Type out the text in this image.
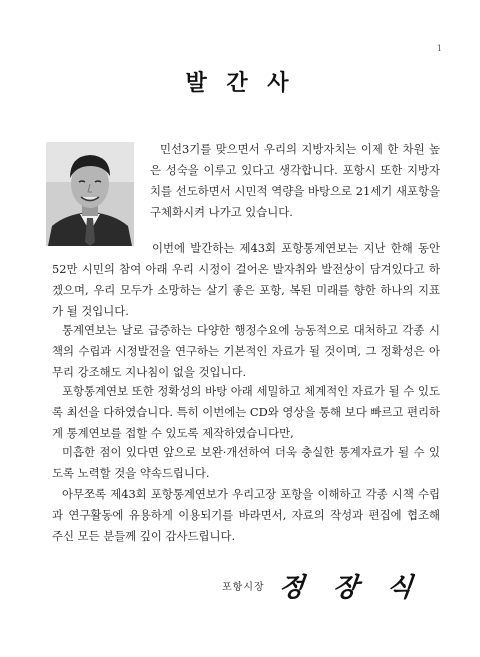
1
발 간 사

민선3기를 맞으면서 우리의 지방자치는 이제 한 차원 높은 성숙을 이루고 있다고 생각합니다. 포항시 또한 지방자치를 선도하면서 시민적 역량을 바탕으로 21세기 새포항을 구체화시켜 나가고 있습니다.

이번에 발간하는 제43회 포항통계연보는 지난 한해 동안 52만 시민의 참여 아래 우리 시정이 걸어온 발자취와 발전상이 담겨있다고 하겠으며, 우리 모두가 소망하는 살기 좋은 포항, 복된 미래를 향한 하나의 지표가 될 것입니다.

통계연보는 날로 급증하는 다양한 행정수요에 능동적으로 대처하고 각종 시책의 수립과 시정발전을 연구하는 기본적인 자료가 될 것이며, 그 정확성은 아무리 강조해도 지나침이 없을 것입니다.

포항통계연보 또한 정확성의 바탕 아래 세밀하고 체계적인 자료가 될 수 있도록 최선을 다하였습니다. 특히 이번에는 CD와 영상을 통해 보다 빠르고 편리하게 통계연보를 접할 수 있도록 제작하였습니다만,

미흡한 점이 있다면 앞으로 보완·개선하여 더욱 충실한 통계자료가 될 수 있도록 노력할 것을 약속드립니다.

아무쪼록 제43회 포항통계연보가 우리고장 포항을 이해하고 각종 시책 수립과 연구활동에 유용하게 이용되기를 바라면서, 자료의 작성과 편집에 협조해 주신 모든 분들께 깊이 감사드립니다.

포항시장 정 장 식
